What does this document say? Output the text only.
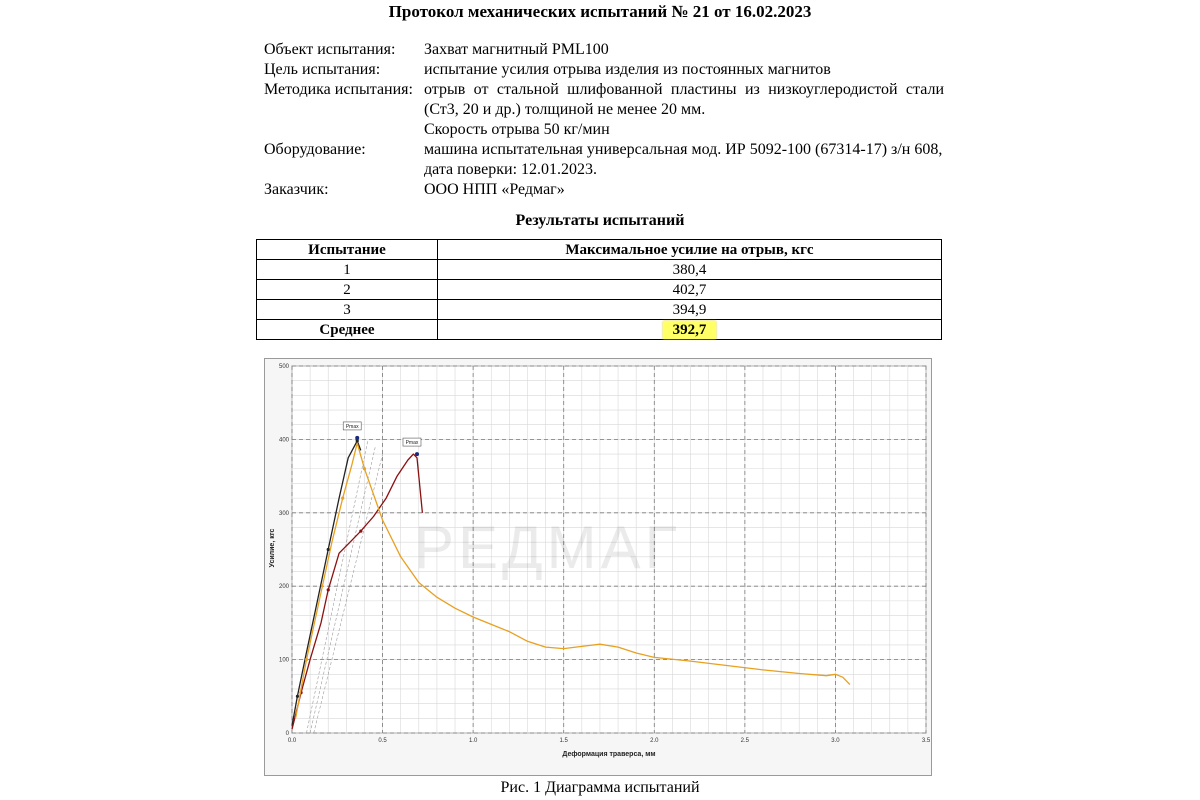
Протокол механических испытаний № 21 от 16.02.2023
Объект испытания:	Захват магнитный PML100
Цель испытания:	испытание усилия отрыва изделия из постоянных магнитов
Методика испытания: отрыв от стальной шлифованной пластины из низкоуглеродистой стали (Ст3, 20 и др.) толщиной не менее 20 мм.
Скорость отрыва 50 кг/мин
Оборудование:	машина испытательная универсальная мод. ИР 5092-100 (67314-17) з/н 608, дата поверки: 12.01.2023.
Заказчик:	ООО НПП «Редмаг»
Результаты испытаний
Испытание	Максимальное усилие на отрыв, кгс
1	380,4
2	402,7
3	394,9
Среднее	392,7
РЕДМАГ
0.0	0.5	1.0	1.5	2.0	2.5	3.0	3.5
0
100
200
300
400
500
Pmax
Pmax
Деформация траверса, мм
Усилие, кгс
Рис. 1 Диаграмма испытаний
